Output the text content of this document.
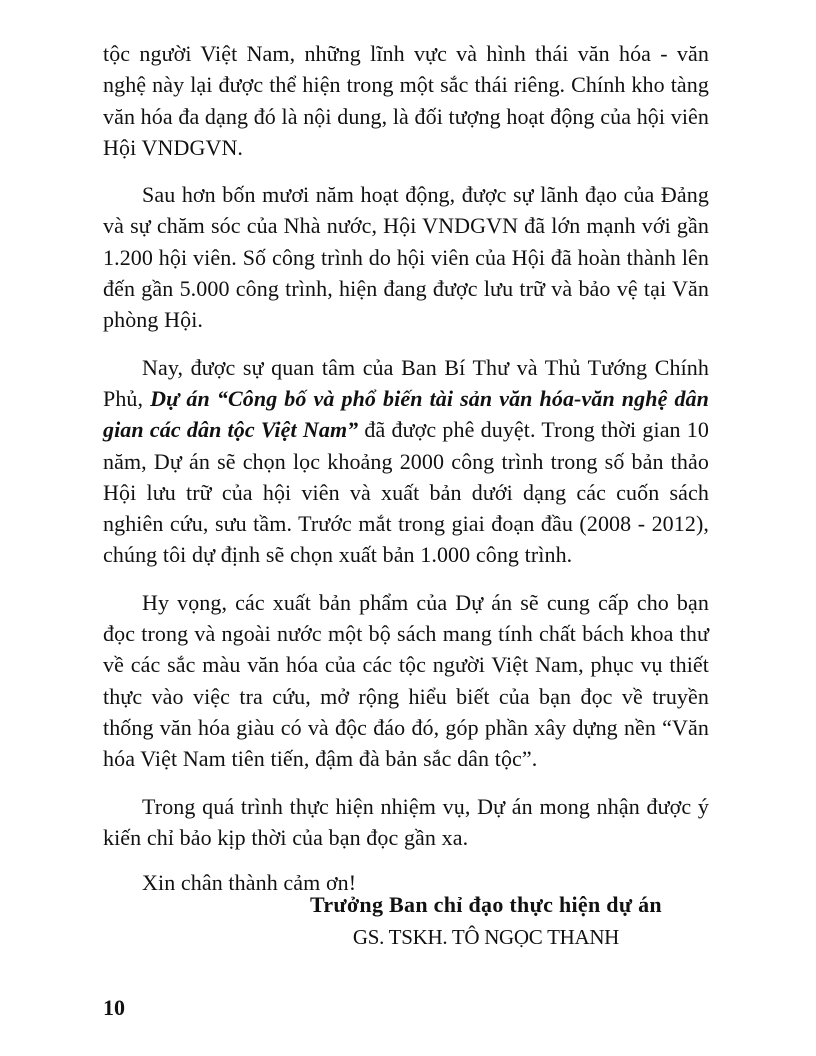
tộc người Việt Nam, những lĩnh vực và hình thái văn hóa - văn nghệ này lại được thể hiện trong một sắc thái riêng. Chính kho tàng văn hóa đa dạng đó là nội dung, là đối tượng hoạt động của hội viên Hội VNDGVN.

Sau hơn bốn mươi năm hoạt động, được sự lãnh đạo của Đảng và sự chăm sóc của Nhà nước, Hội VNDGVN đã lớn mạnh với gần 1.200 hội viên. Số công trình do hội viên của Hội đã hoàn thành lên đến gần 5.000 công trình, hiện đang được lưu trữ và bảo vệ tại Văn phòng Hội.

Nay, được sự quan tâm của Ban Bí Thư và Thủ Tướng Chính Phủ, Dự án “Công bố và phổ biến tài sản văn hóa-văn nghệ dân gian các dân tộc Việt Nam” đã được phê duyệt. Trong thời gian 10 năm, Dự án sẽ chọn lọc khoảng 2000 công trình trong số bản thảo Hội lưu trữ của hội viên và xuất bản dưới dạng các cuốn sách nghiên cứu, sưu tầm. Trước mắt trong giai đoạn đầu (2008 - 2012), chúng tôi dự định sẽ chọn xuất bản 1.000 công trình.

Hy vọng, các xuất bản phẩm của Dự án sẽ cung cấp cho bạn đọc trong và ngoài nước một bộ sách mang tính chất bách khoa thư về các sắc màu văn hóa của các tộc người Việt Nam, phục vụ thiết thực vào việc tra cứu, mở rộng hiểu biết của bạn đọc về truyền thống văn hóa giàu có và độc đáo đó, góp phần xây dựng nền “Văn hóa Việt Nam tiên tiến, đậm đà bản sắc dân tộc”.

Trong quá trình thực hiện nhiệm vụ, Dự án mong nhận được ý kiến chỉ bảo kịp thời của bạn đọc gần xa.

Xin chân thành cảm ơn!

Trưởng Ban chỉ đạo thực hiện dự án
GS. TSKH. TÔ NGỌC THANH
10
